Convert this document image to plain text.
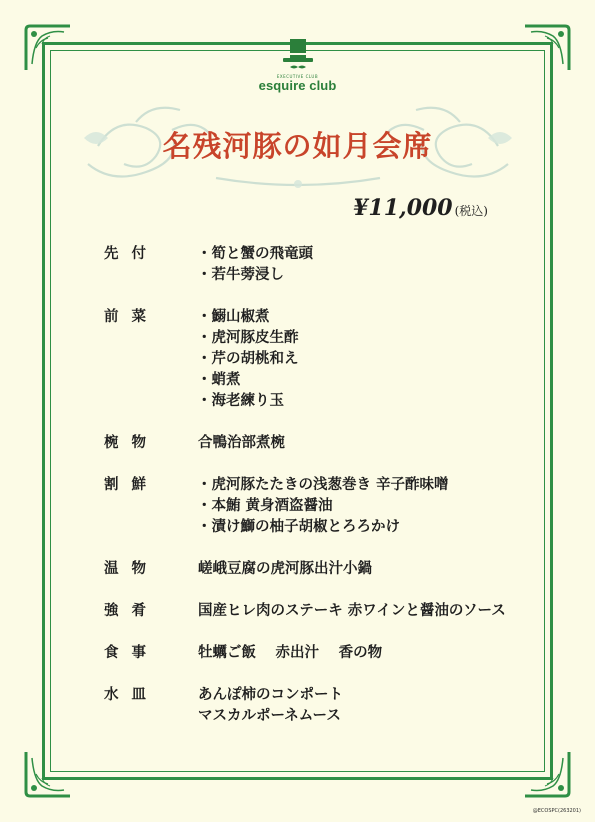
EXECUTIVE CLUB
esquire club
名残河豚の如月会席
¥11,000 (税込)
先付	・ 筍と蟹の飛竜頭
・ 若牛蒡浸し
前菜	・ 鰯山椒煮
・ 虎河豚皮生酢
・ 芹の胡桃和え
・ 蛸煮
・ 海老練り玉
椀物	合鴨治部煮椀
割鮮	・ 虎河豚たたきの浅葱巻き 辛子酢味噌
・ 本鮪 黄身酒盗醤油
・ 漬け鰤の柚子胡椒とろろかけ
温物	嵯峨豆腐の虎河豚出汁小鍋
強肴	国産ヒレ肉のステーキ 赤ワインと醤油のソース
食事	牡蠣ご飯　 赤出汁　 香の物
水皿	あんぽ柿のコンポート
マスカルポーネムース
@ECOSPC(263201)
